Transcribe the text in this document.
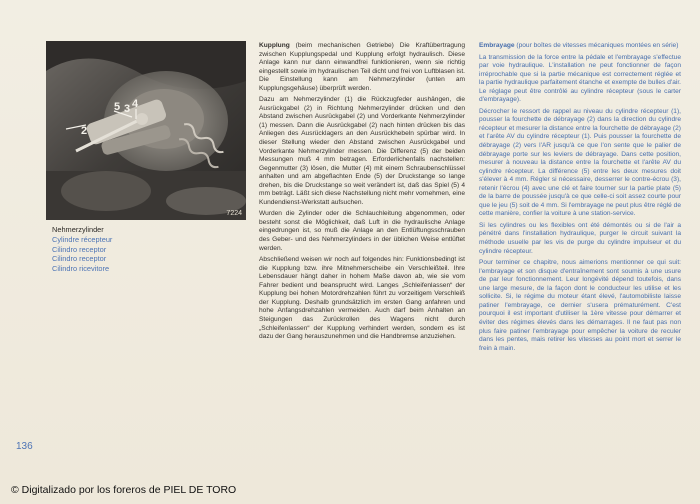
2
5 3 4
7224
Nehmerzylinder
Cylindre récepteur
Cilindro receptor
Cilindro receptor
Cilindro ricevitore

Kupplung (beim mechanischen Getriebe) Die Kraftübertragung zwischen Kupplungspedal und Kupplung erfolgt hydraulisch. Diese Anlage kann nur dann einwandfrei funktionieren, wenn sie richtig eingestellt sowie im hydraulischen Teil dicht und frei von Luftblasen ist. Die Einstellung kann am Nehmerzylinder (unten am Kupplungsgehäuse) überprüft werden.

Dazu am Nehmerzylinder (1) die Rückzugfeder aushängen, die Ausrückgabel (2) in Richtung Nehmerzylinder drücken und den Abstand zwischen Ausrückgabel (2) und Vorderkante Nehmerzylinder (1) messen. Dann die Ausrückgabel (2) nach hinten drücken bis das Anliegen des Ausrücklagers an den Ausrückhebeln spürbar wird. In dieser Stellung wieder den Abstand zwischen Ausrückgabel und Vorderkante Nehmerzylinder messen. Die Differenz (5) der beiden Messungen muß 4 mm betragen. Erforderlichenfalls nachstellen: Gegenmutter (3) lösen, die Mutter (4) mit einem Schraubenschlüssel anhalten und am abgeflachten Ende (5) der Druckstange so lange drehen, bis die Druckstange so weit verändert ist, daß das Spiel (5) 4 mm beträgt. Läßt sich diese Nachstellung nicht mehr vornehmen, eine Kundendienst-Werkstatt aufsuchen.

Wurden die Zylinder oder die Schlauchleitung abgenommen, oder besteht sonst die Möglichkeit, daß Luft in die hydraulische Anlage eingedrungen ist, so muß die Anlage an den Entlüftungsschrauben des Geber- und des Nehmerzylinders in der üblichen Weise entlüftet werden.

Abschließend weisen wir noch auf folgendes hin: Funktionsbedingt ist die Kupplung bzw. ihre Mitnehmerscheibe ein Verschleißteil. Ihre Lebensdauer hängt daher in hohem Maße davon ab, wie sie vom Fahrer bedient und beansprucht wird. Langes „Schleifenlassen“ der Kupplung bei hohen Motordrehzahlen führt zu vorzeitigem Verschleiß der Kupplung. Deshalb grundsätzlich im ersten Gang anfahren und hohe Anfangsdrehzahlen vermeiden. Auch darf beim Anhalten an Steigungen das Zurückrollen des Wagens nicht durch „Schleifenlassen“ der Kupplung verhindert werden, sondern es ist dazu der Gang herauszunehmen und die Handbremse anzuziehen.

Embrayage (pour boîtes de vitesses mécaniques montées en série)

La transmission de la force entre la pédale et l'embrayage s'effectue par voie hydraulique. L'installation ne peut fonctionner de façon irréprochable que si la partie mécanique est correctement réglée et la partie hydraulique parfaitement étanche et exempte de bulles d'air. Le réglage peut être contrôlé au cylindre récepteur (sous le carter d'embrayage).

Décrocher le ressort de rappel au niveau du cylindre récepteur (1), pousser la fourchette de débrayage (2) dans la direction du cylindre récepteur et mesurer la distance entre la fourchette de débrayage (2) et l'arête AV du cylindre récepteur (1). Puis pousser la fourchette de débrayage (2) vers l'AR jusqu'à ce que l'on sente que le palier de débrayage porte sur les leviers de débrayage. Dans cette position, mesurer à nouveau la distance entre la fourchette et l'arête AV du cylindre récepteur. La différence (5) entre les deux mesures doit s'élever à 4 mm. Régler si nécessaire, desserrer le contre-écrou (3), retenir l'écrou (4) avec une clé et faire tourner sur la partie plate (5) de la barre de poussée jusqu'à ce que celle-ci soit assez courte pour que le jeu (5) soit de 4 mm. Si l'embrayage ne peut plus être réglé de cette manière, confier la voiture à une station-service.

Si les cylindres ou les flexibles ont été démontés ou si de l'air a pénétré dans l'installation hydraulique, purger le circuit suivant la méthode usuelle par les vis de purge du cylindre impulseur et du cylindre récepteur.

Pour terminer ce chapitre, nous aimerions mentionner ce qui suit: l'embrayage et son disque d'entraînement sont soumis à une usure de par leur fonctionnement. Leur longévité dépend toutefois, dans une large mesure, de la façon dont le conducteur les utilise et les sollicite. Si, le régime du moteur étant élevé, l'automobiliste laisse patiner l'embrayage, ce dernier s'usera prématurément. C'est pourquoi il est important d'utiliser la 1ère vitesse pour démarrer et éviter des régimes élevés dans les démarrages. Il ne faut pas non plus faire patiner l'embrayage pour empêcher la voiture de reculer dans les pentes, mais retirer les vitesses au point mort et serrer le frein à main.

136
© Digitalizado por los foreros de PIEL DE TORO
